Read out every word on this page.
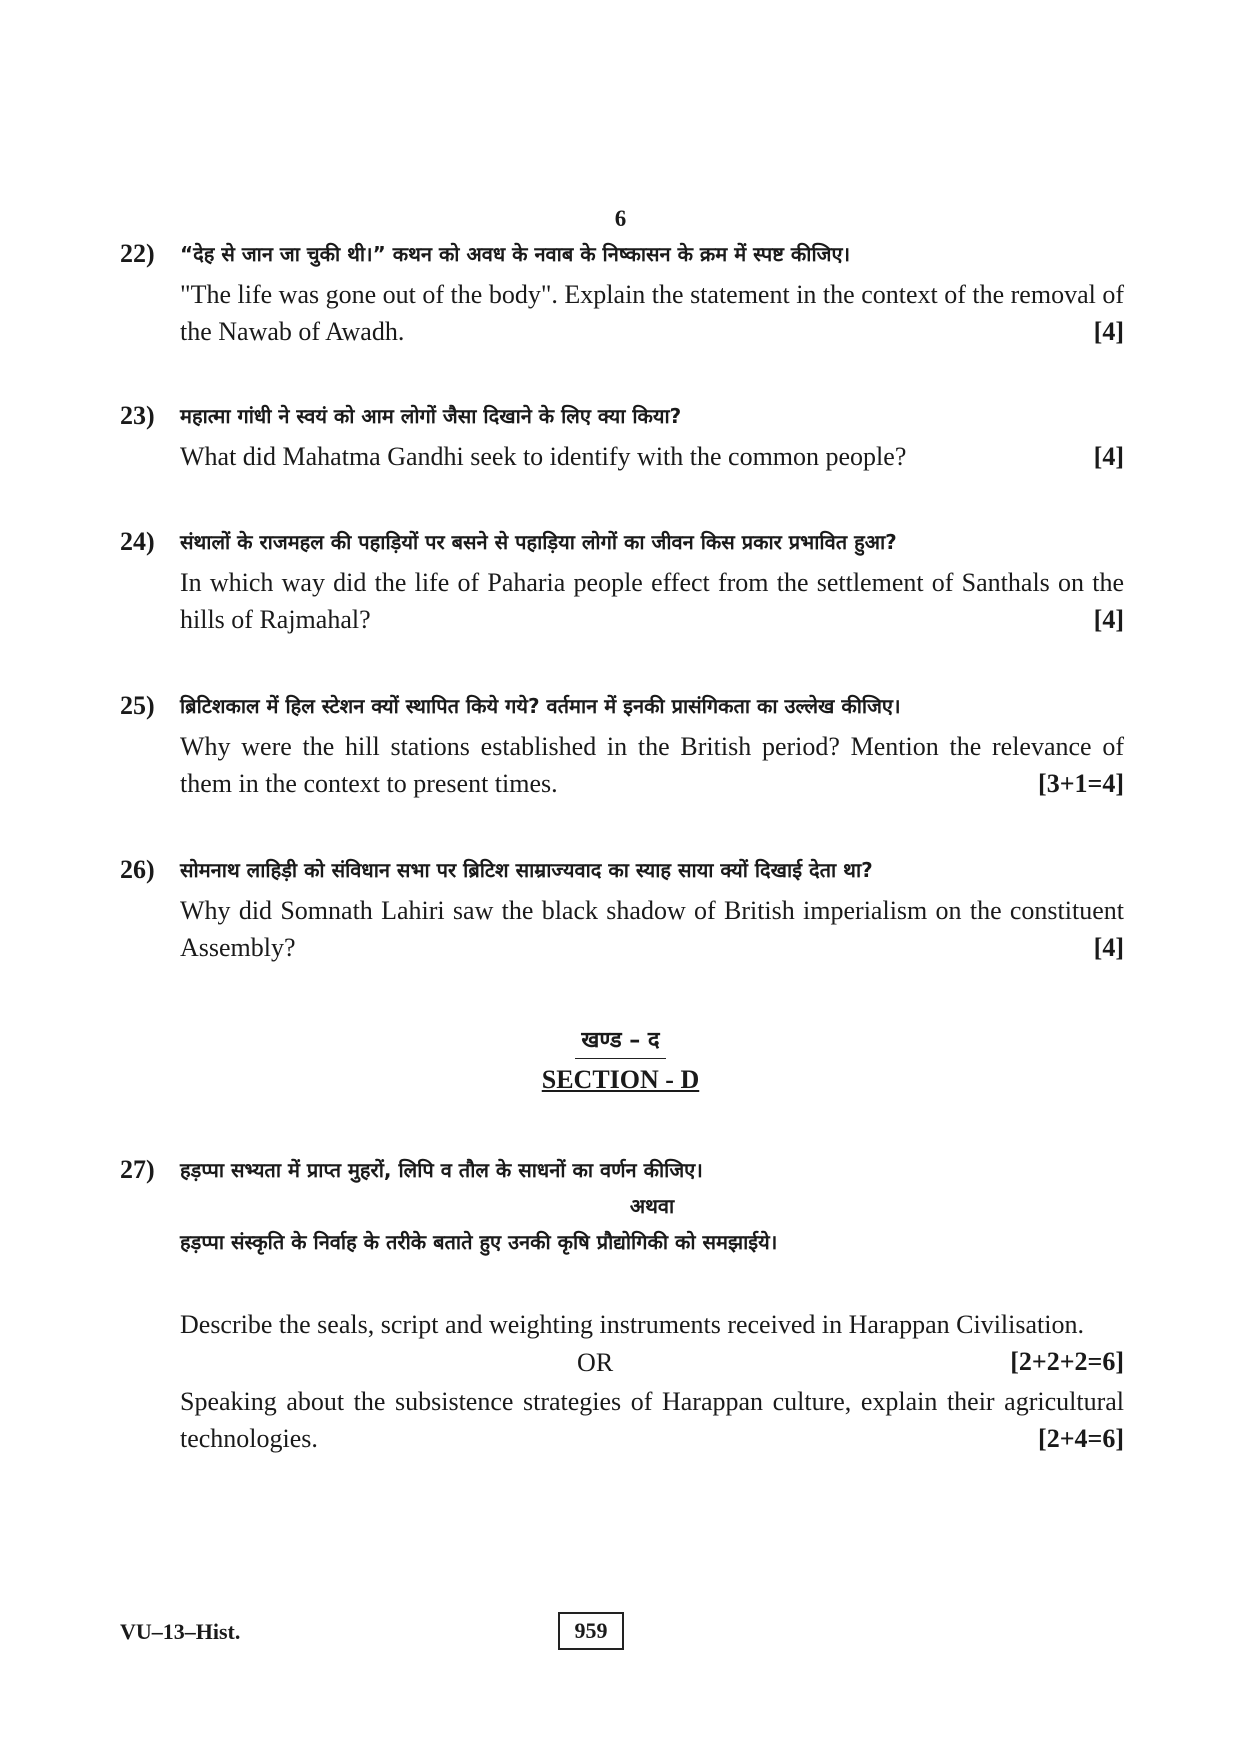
6
22) “देह से जान जा चुकी थी।” कथन को अवध के नवाब के निष्कासन के क्रम में स्पष्ट कीजिए।
"The life was gone out of the body". Explain the statement in the context of the removal of the Nawab of Awadh.	[4]
23) महात्मा गांधी ने स्वयं को आम लोगों जैसा दिखाने के लिए क्या किया?
What did Mahatma Gandhi seek to identify with the common people?	[4]
24) संथालों के राजमहल की पहाड़ियों पर बसने से पहाड़िया लोगों का जीवन किस प्रकार प्रभावित हुआ?
In which way did the life of Paharia people effect from the settlement of Santhals on the hills of Rajmahal?	[4]
25) ब्रिटिशकाल में हिल स्टेशन क्यों स्थापित किये गये? वर्तमान में इनकी प्रासंगिकता का उल्लेख कीजिए।
Why were the hill stations established in the British period? Mention the relevance of them in the context to present times.	[3+1=4]
26) सोमनाथ लाहिड़ी को संविधान सभा पर ब्रिटिश साम्राज्यवाद का स्याह साया क्यों दिखाई देता था?
Why did Somnath Lahiri saw the black shadow of British imperialism on the constituent Assembly?	[4]
खण्ड – द
SECTION - D
27) हड़प्पा सभ्यता में प्राप्त मुहरों, लिपि व तौल के साधनों का वर्णन कीजिए।
अथवा
हड़प्पा संस्कृति के निर्वाह के तरीके बताते हुए उनकी कृषि प्रौद्योगिकी को समझाईये।
Describe the seals, script and weighting instruments received in Harappan Civilisation.
[2+2+2=6]
OR
Speaking about the subsistence strategies of Harappan culture, explain their agricultural technologies.	[2+4=6]
VU–13–Hist.	959
